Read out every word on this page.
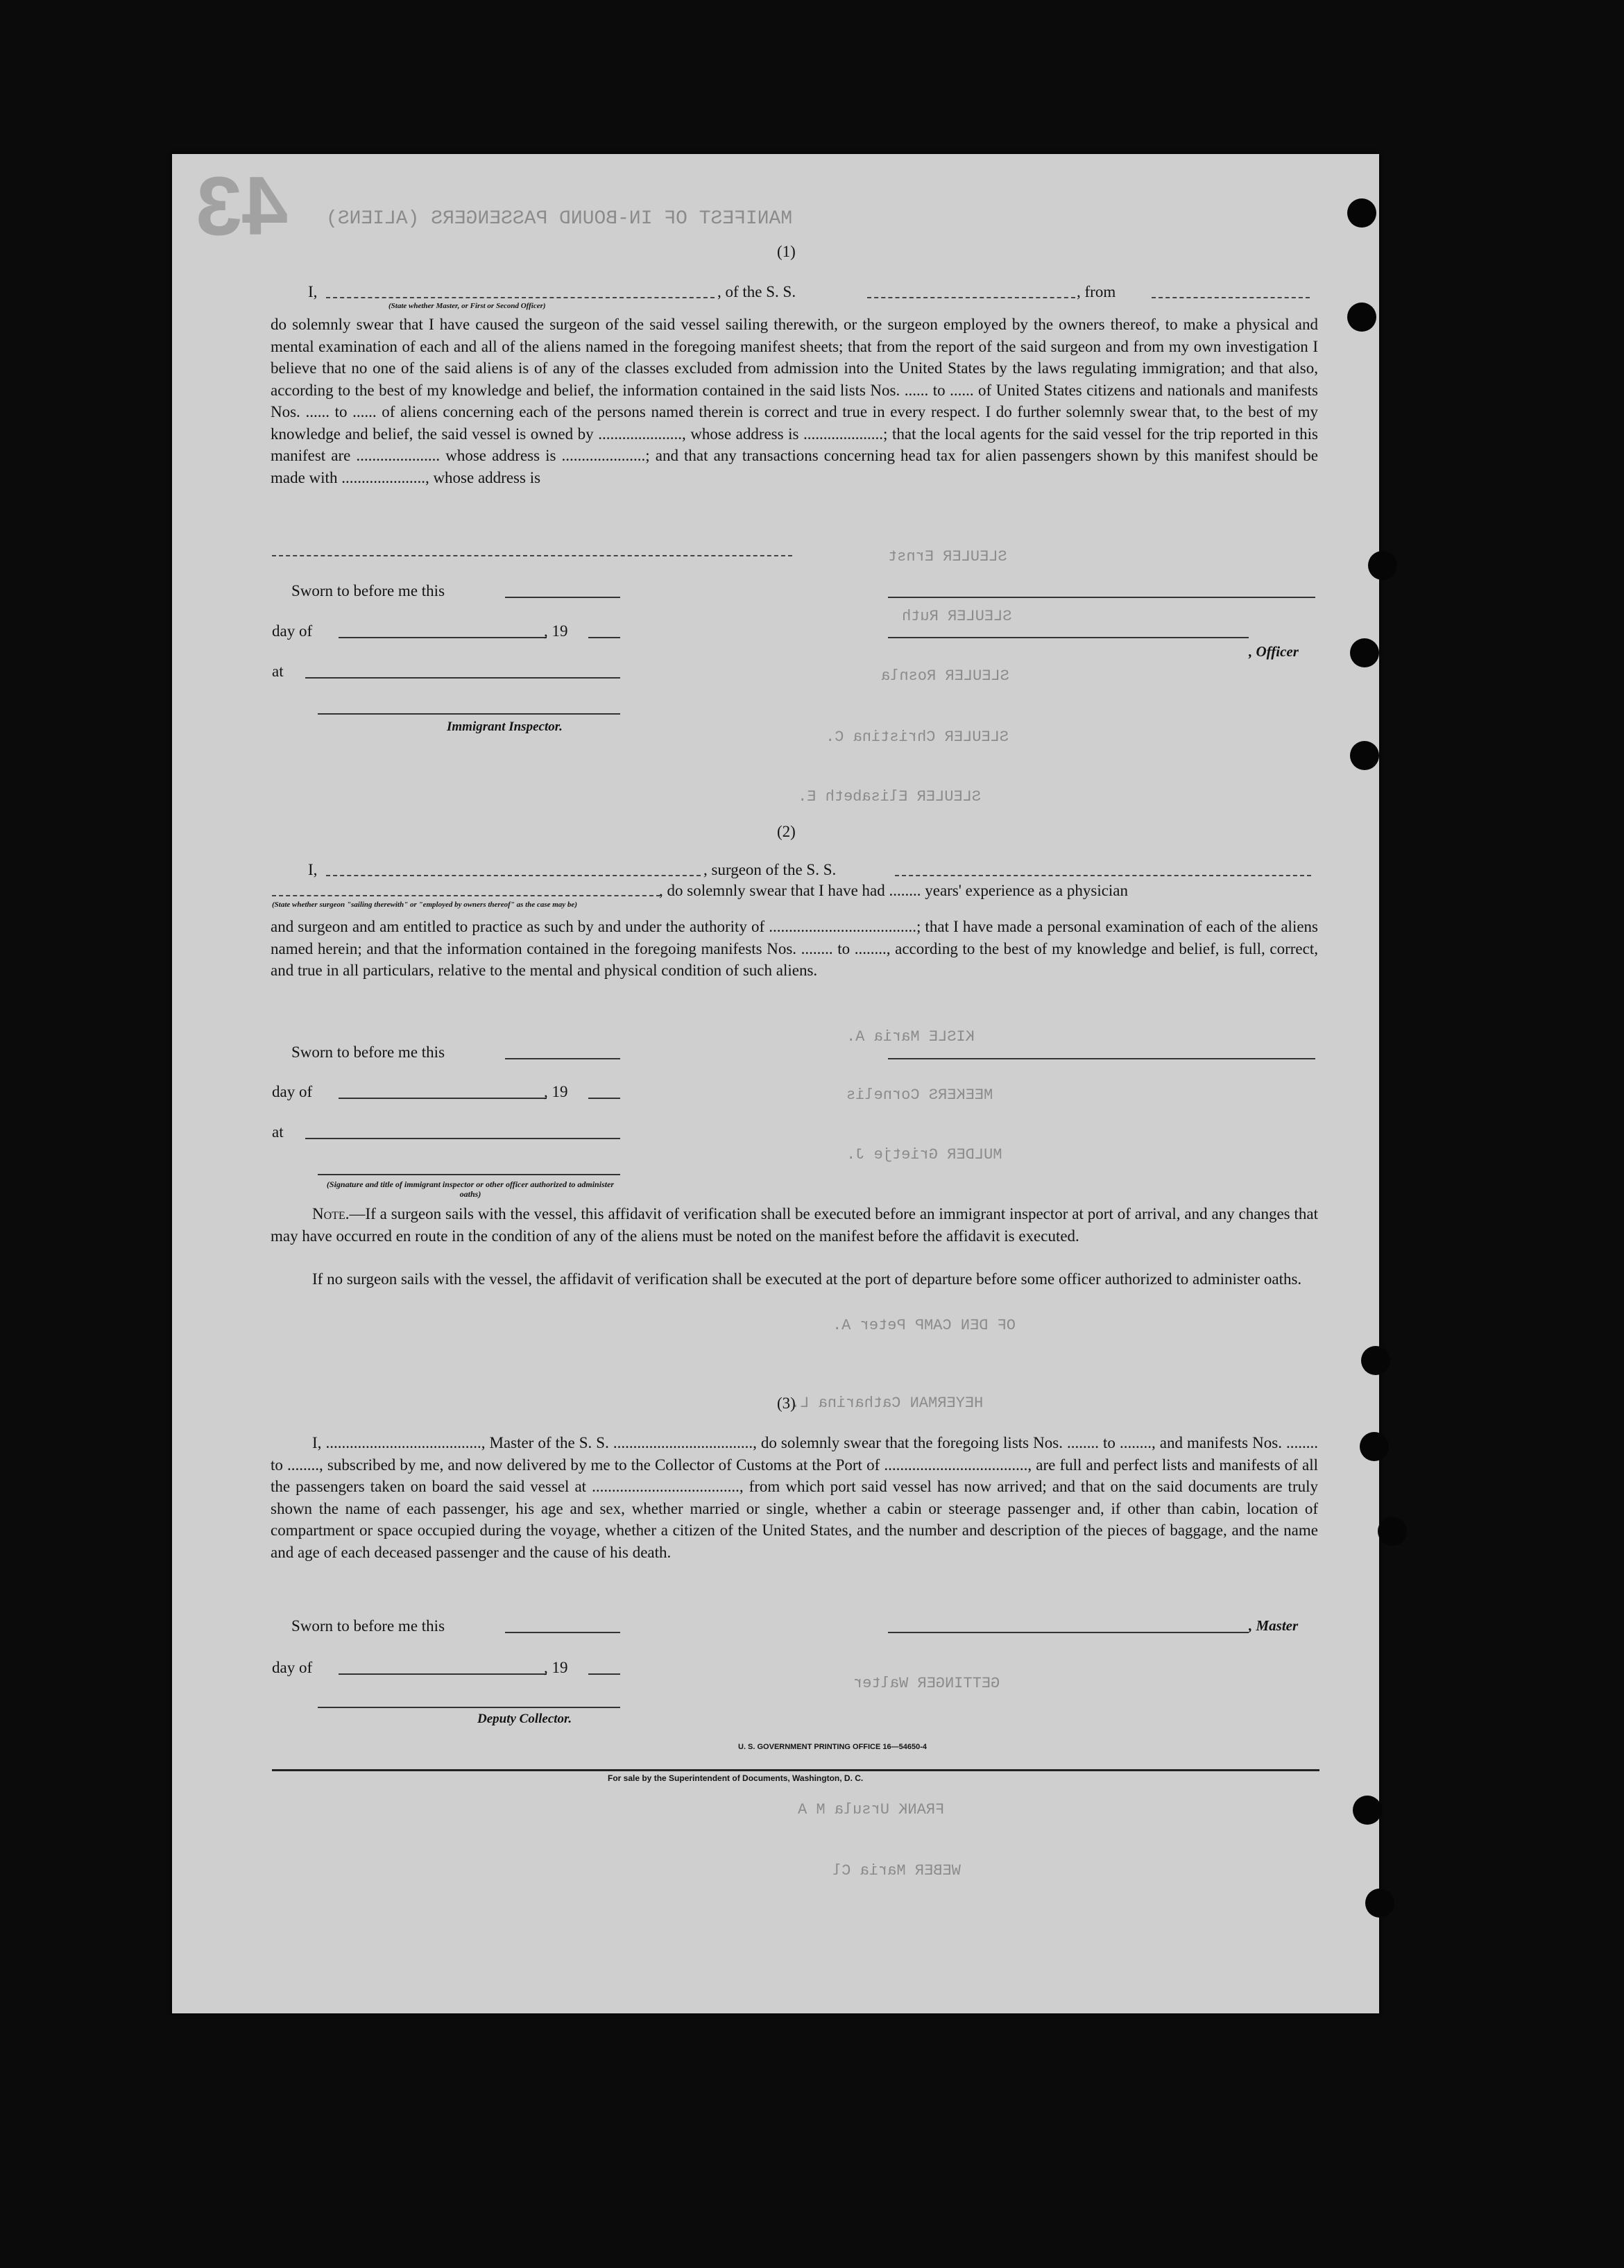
43 MANIFEST OF IN-BOUND PASSENGERS (ALIENS)
SLEULER Ernst
SLEULER Ruth
SLEULER Rosnla
SLEULER Christina C.
SLEULER Elisabeth E.
KISLE Maria A.
MEEKERS Cornelis
MULDER Grietje J.
OF DEN CAMP Peter A.
HEYERMAN Catharina L.
GETTINGER Walter
FRANK Ursula M A
WEBER Maria Cl
(1)
I,	, of the S. S.	, from
(State whether Master, or First or Second Officer)
do solemnly swear that I have caused the surgeon of the said vessel sailing therewith, or the surgeon employed by the owners thereof, to make a physical and mental examination of each and all of the aliens named in the foregoing manifest sheets; that from the report of the said surgeon and from my own investigation I believe that no one of the said aliens is of any of the classes excluded from admission into the United States by the laws regulating immigration; and that also, according to the best of my knowledge and belief, the information contained in the said lists Nos. ...... to ...... of United States citizens and nationals and manifests Nos. ...... to ...... of aliens concerning each of the persons named therein is correct and true in every respect. I do further solemnly swear that, to the best of my knowledge and belief, the said vessel is owned by ....................., whose address is ....................; that the local agents for the said vessel for the trip reported in this manifest are ..................... whose address is .....................; and that any transactions concerning head tax for alien passengers shown by this manifest should be made with ....................., whose address is
Sworn to before me this
day of	, 19
, Officer
at
Immigrant Inspector.
(2)
I,	, surgeon of the S. S.
, do solemnly swear that I have had ........ years' experience as a physician
(State whether surgeon "sailing therewith" or "employed by owners thereof" as the case may be)
and surgeon and am entitled to practice as such by and under the authority of .....................................; that I have made a personal examination of each of the aliens named herein; and that the information contained in the foregoing manifests Nos. ........ to ........, according to the best of my knowledge and belief, is full, correct, and true in all particulars, relative to the mental and physical condition of such aliens.
Sworn to before me this
day of	, 19
at
(Signature and title of immigrant inspector or other officer authorized to administer oaths)
Note.—If a surgeon sails with the vessel, this affidavit of verification shall be executed before an immigrant inspector at port of arrival, and any changes that may have occurred en route in the condition of any of the aliens must be noted on the manifest before the affidavit is executed.
If no surgeon sails with the vessel, the affidavit of verification shall be executed at the port of departure before some officer authorized to administer oaths.
(3)
I, ......................................., Master of the S. S. ..................................., do solemnly swear that the foregoing lists Nos. ........ to ........, and manifests Nos. ........ to ........, subscribed by me, and now delivered by me to the Collector of Customs at the Port of ...................................., are full and perfect lists and manifests of all the passengers taken on board the said vessel at ....................................., from which port said vessel has now arrived; and that on the said documents are truly shown the name of each passenger, his age and sex, whether married or single, whether a cabin or steerage passenger and, if other than cabin, location of compartment or space occupied during the voyage, whether a citizen of the United States, and the number and description of the pieces of baggage, and the name and age of each deceased passenger and the cause of his death.
Sworn to before me this	, Master
day of	, 19
Deputy Collector.
U. S. GOVERNMENT PRINTING OFFICE 16—54650-4
For sale by the Superintendent of Documents, Washington, D. C.
